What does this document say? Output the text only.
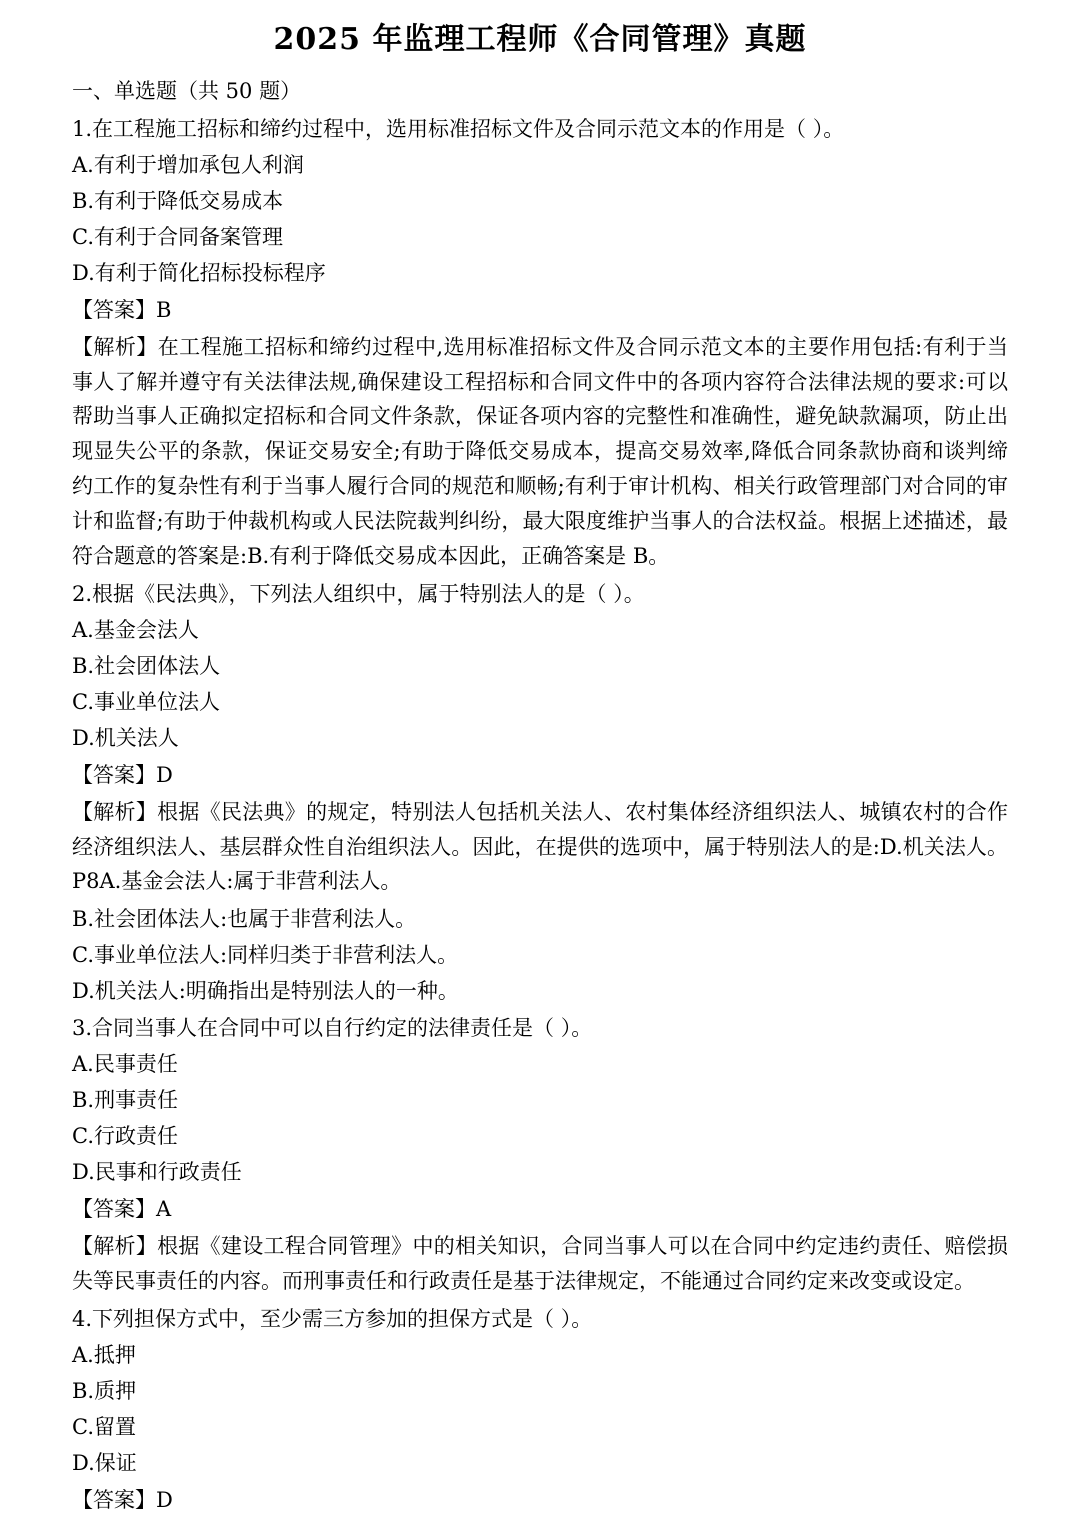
2025 年监理工程师《合同管理》真题
一、单选题（共 50 题）
1.在工程施工招标和缔约过程中，选用标准招标文件及合同示范文本的作用是（ ）。
A.有利于增加承包人利润
B.有利于降低交易成本
C.有利于合同备案管理
D.有利于简化招标投标程序
【答案】B
【解析】在工程施工招标和缔约过程中,选用标准招标文件及合同示范文本的主要作用包括:有利于当事人了解并遵守有关法律法规,确保建设工程招标和合同文件中的各项内容符合法律法规的要求:可以帮助当事人正确拟定招标和合同文件条款，保证各项内容的完整性和准确性，避免缺款漏项，防止出现显失公平的条款，保证交易安全;有助于降低交易成本，提高交易效率,降低合同条款协商和谈判缔约工作的复杂性有利于当事人履行合同的规范和顺畅;有利于审计机构、相关行政管理部门对合同的审计和监督;有助于仲裁机构或人民法院裁判纠纷，最大限度维护当事人的合法权益。根据上述描述，最符合题意的答案是:B.有利于降低交易成本因此，正确答案是 B。
2.根据《民法典》，下列法人组织中，属于特别法人的是（ ）。
A.基金会法人
B.社会团体法人
C.事业单位法人
D.机关法人
【答案】D
【解析】根据《民法典》的规定，特别法人包括机关法人、农村集体经济组织法人、城镇农村的合作经济组织法人、基层群众性自治组织法人。因此，在提供的选项中，属于特别法人的是:D.机关法人。P8A.基金会法人:属于非营利法人。
B.社会团体法人:也属于非营利法人。
C.事业单位法人:同样归类于非营利法人。
D.机关法人:明确指出是特别法人的一种。
3.合同当事人在合同中可以自行约定的法律责任是（ ）。
A.民事责任
B.刑事责任
C.行政责任
D.民事和行政责任
【答案】A
【解析】根据《建设工程合同管理》中的相关知识，合同当事人可以在合同中约定违约责任、赔偿损失等民事责任的内容。而刑事责任和行政责任是基于法律规定，不能通过合同约定来改变或设定。
4.下列担保方式中，至少需三方参加的担保方式是（ ）。
A.抵押
B.质押
C.留置
D.保证
【答案】D
